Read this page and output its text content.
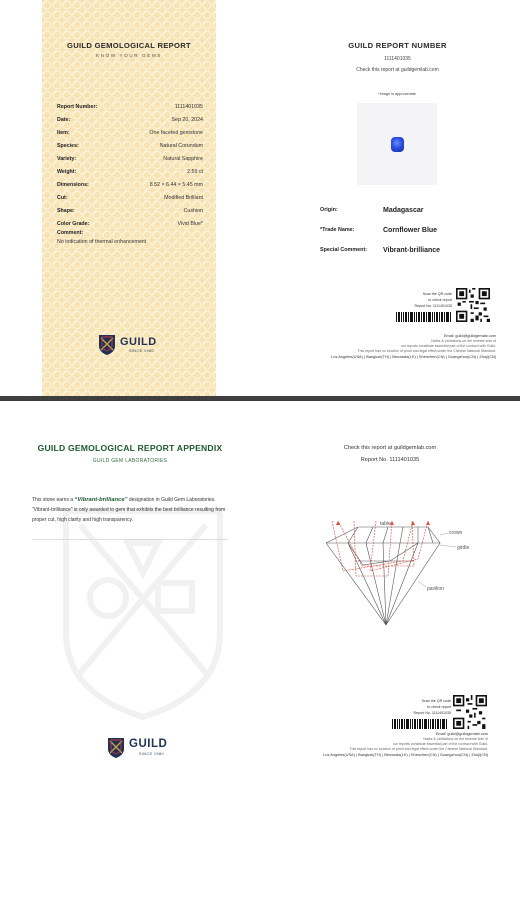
GUILD GEMOLOGICAL REPORT
KNOW YOUR GEMS
Report Number:	1111401035
Date:	Sep 20, 2024
Item:	One faceted gemstone
Species:	Natural Corundum
Variety:	Natural Sapphire
Weight:	2.59 ct
Dimensions:	8.52 × 6.44 × 5.45 mm
Cut:	Modified Brilliant
Shape:	Cushion
Color Grade:	Vivid Blue*
Comment:
No indication of thermal enhancement
GUILD
SINCE 1980
GUILD REPORT NUMBER
1111401035
Check this report at guildgemlab.com
*Image is approximate
Origin:	Madagascar
*Trade Name:	Cornflower Blue
Special Comment:	Vibrant-brilliance
Scan the QR code
to check report
Report No. 1111401035
Email: guild@guildgemlab.com
Notes & Limitations on the reverse side of
our reports constitute essential part of the contract with Guild.
This report has no function of proof and legal effect under the Chinese National Standard.
Los Angeles(USA) | Bangkok(TH) | Beruwala(LK) | Shenzhen(CN) | Guangzhou(CN) | Zhuji(CN)
GUILD GEMOLOGICAL REPORT APPENDIX
GUILD GEM LABORATORIES
This stone earns a “Vibrant-brilliance” designation in Guild Gem Laboratories. “Vibrant-brilliance” is only awarded to gem that exhibits the best brilliance resulting from proper cut, high clarity and high transparency.
GUILD
SINCE 1980
Check this report at guildgemlab.com
Report No. 1111401035
table
crown
girdle
pavilion
Scan the QR code
to check report
Report No. 1111401035
Email: guild@guildgemlab.com
Notes & Limitations on the reverse side of
our reports constitute essential part of the contract with Guild.
This report has no function of proof and legal effect under the Chinese National Standard.
Los Angeles(USA) | Bangkok(TH) | Beruwala(LK) | Shenzhen(CN) | Guangzhou(CN) | Zhuji(CN)
